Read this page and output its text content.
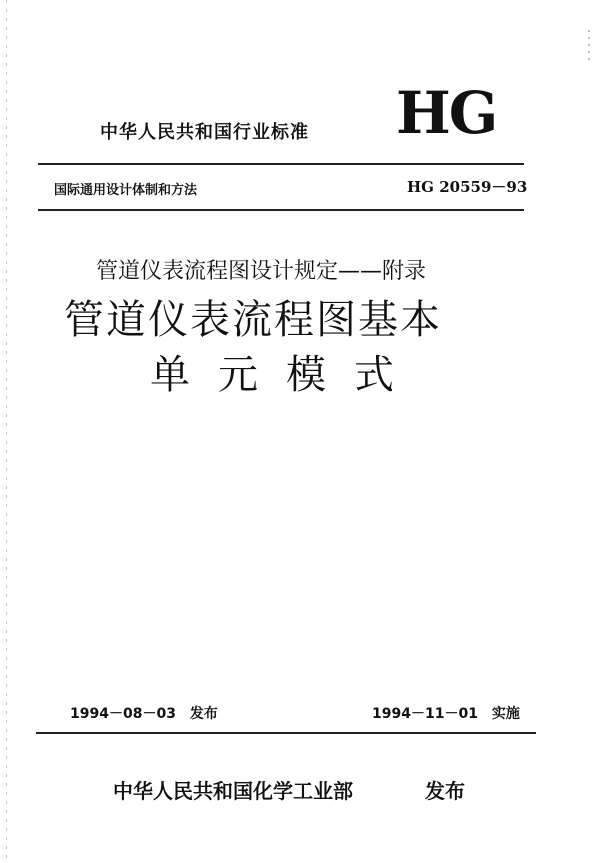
中华人民共和国行业标准 HG
国际通用设计体制和方法	HG 20559－93
管道仪表流程图设计规定——附录
管道仪表流程图基本
单元模式
1994－08－03　发布	1994－11－01　实施
中华人民共和国化学工业部	发布
